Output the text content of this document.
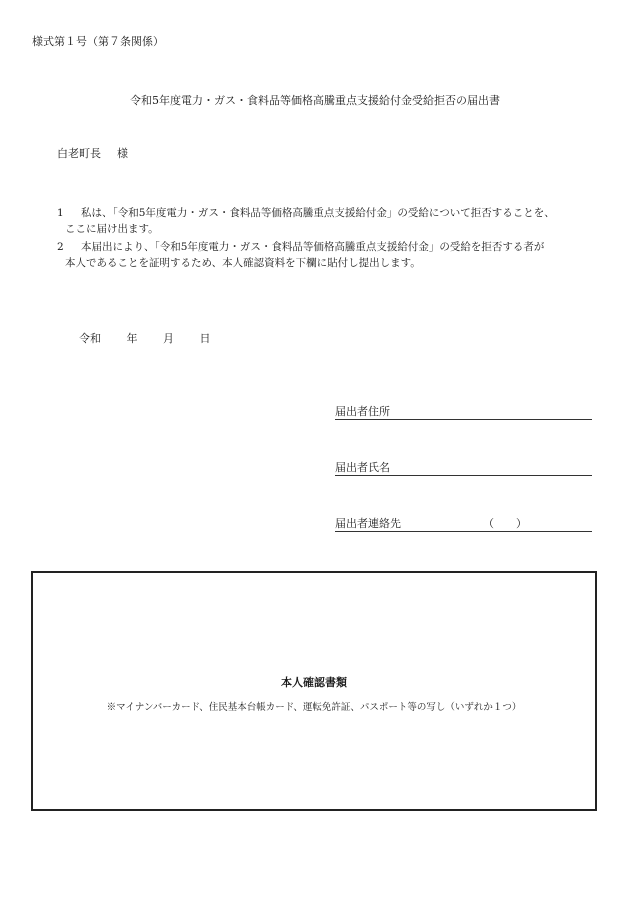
様式第１号（第７条関係）
令和5年度電力・ガス・食料品等価格高騰重点支援給付金受給拒否の届出書
白老町長 様
1 私は、「令和5年度電力・ガス・食料品等価格高騰重点支援給付金」の受給について拒否することを、
ここに届け出ます。
2 本届出により、「令和5年度電力・ガス・食料品等価格高騰重点支援給付金」の受給を拒否する者が
本人であることを証明するため、本人確認資料を下欄に貼付し提出します。
令和 年 月 日
届出者住所
届出者氏名
届出者連絡先	（　　）
本人確認書類
※マイナンバーカード、住民基本台帳カード、運転免許証、パスポート等の写し（いずれか１つ）
